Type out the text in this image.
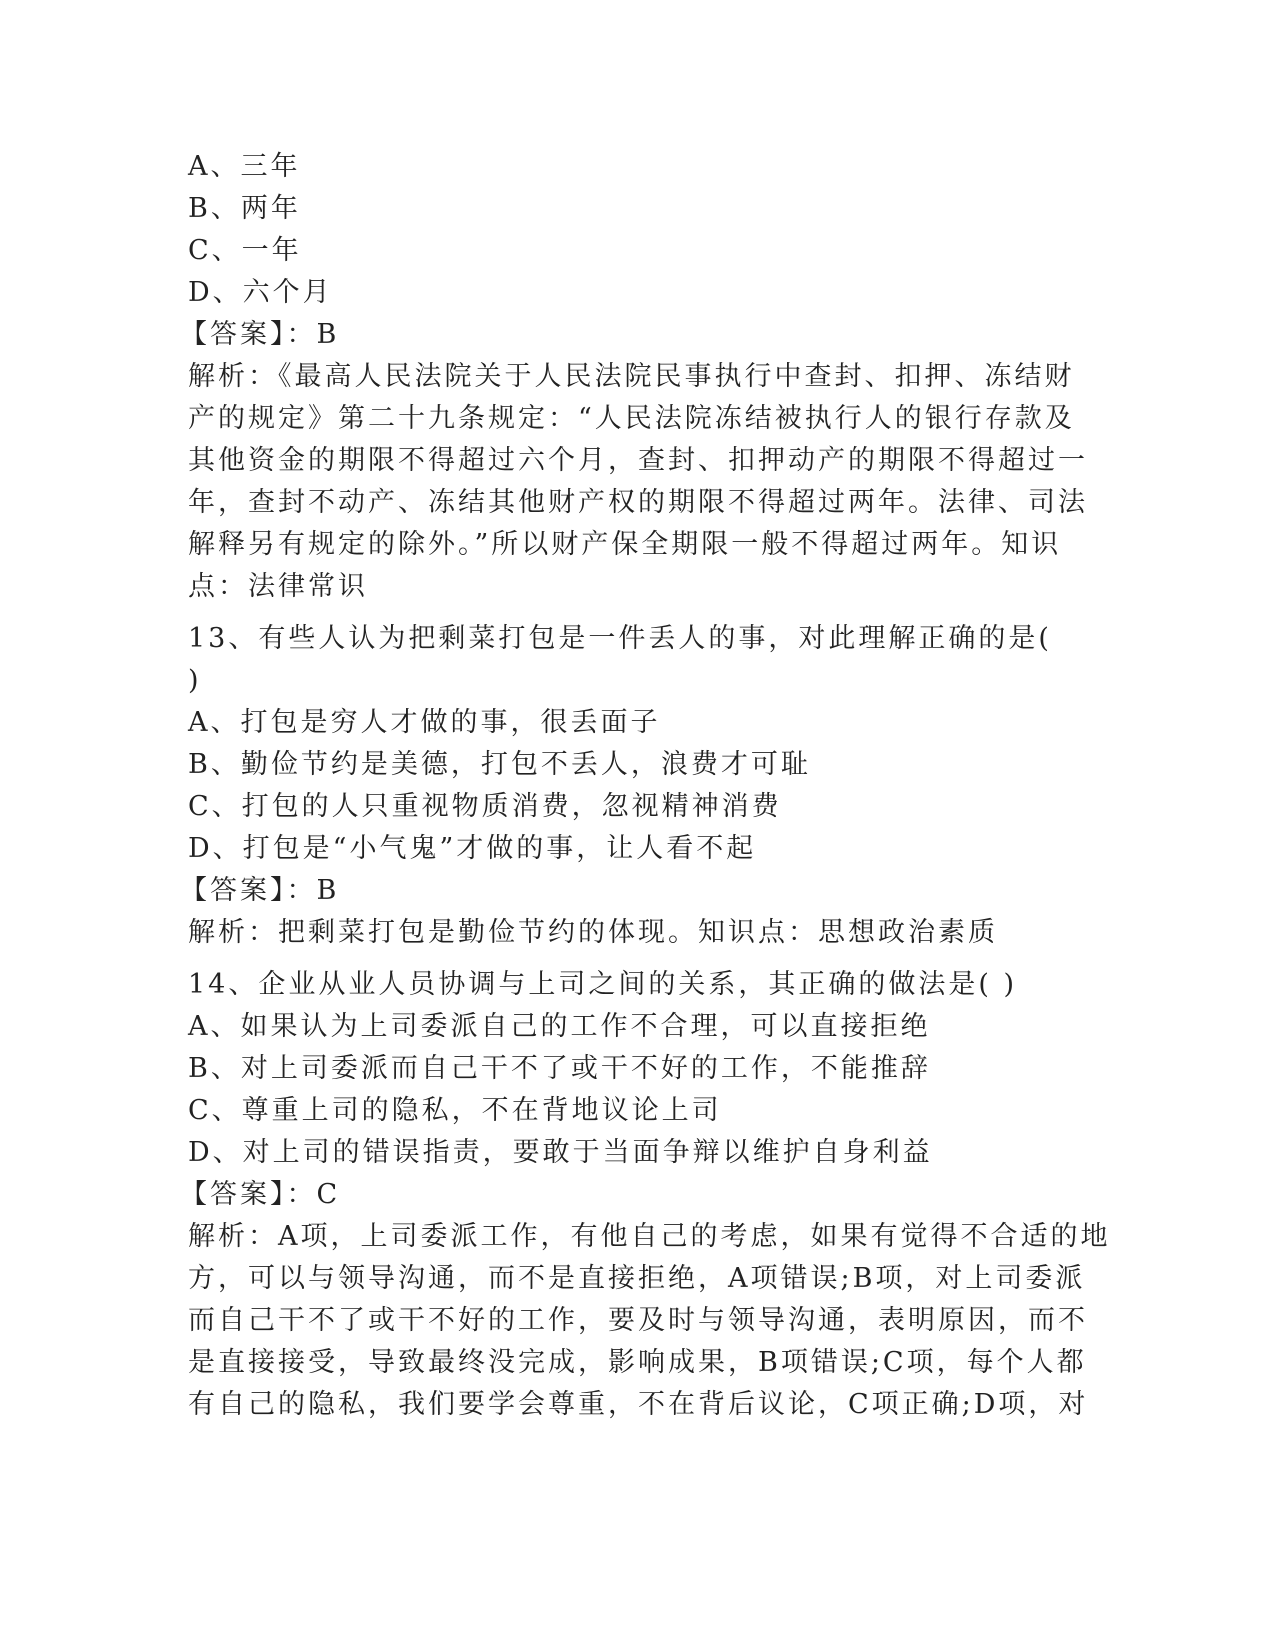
A、三年
B、两年
C、一年
D、六个月
【答案】：B
解析：《最高人民法院关于人民法院民事执行中查封、扣押、冻结财
产的规定》第二十九条规定：“人民法院冻结被执行人的银行存款及
其他资金的期限不得超过六个月，查封、扣押动产的期限不得超过一
年，查封不动产、冻结其他财产权的期限不得超过两年。法律、司法
解释另有规定的除外。”所以财产保全期限一般不得超过两年。知识
点：法律常识
13、有些人认为把剩菜打包是一件丢人的事，对此理解正确的是(
)
A、打包是穷人才做的事，很丢面子
B、勤俭节约是美德，打包不丢人，浪费才可耻
C、打包的人只重视物质消费，忽视精神消费
D、打包是“小气鬼”才做的事，让人看不起
【答案】：B
解析：把剩菜打包是勤俭节约的体现。知识点：思想政治素质
14、企业从业人员协调与上司之间的关系，其正确的做法是( )
A、如果认为上司委派自己的工作不合理，可以直接拒绝
B、对上司委派而自己干不了或干不好的工作，不能推辞
C、尊重上司的隐私，不在背地议论上司
D、对上司的错误指责，要敢于当面争辩以维护自身利益
【答案】：C
解析：A项，上司委派工作，有他自己的考虑，如果有觉得不合适的地
方，可以与领导沟通，而不是直接拒绝，A项错误;B项，对上司委派
而自己干不了或干不好的工作，要及时与领导沟通，表明原因，而不
是直接接受，导致最终没完成，影响成果，B项错误;C项，每个人都
有自己的隐私，我们要学会尊重，不在背后议论，C项正确;D项，对
